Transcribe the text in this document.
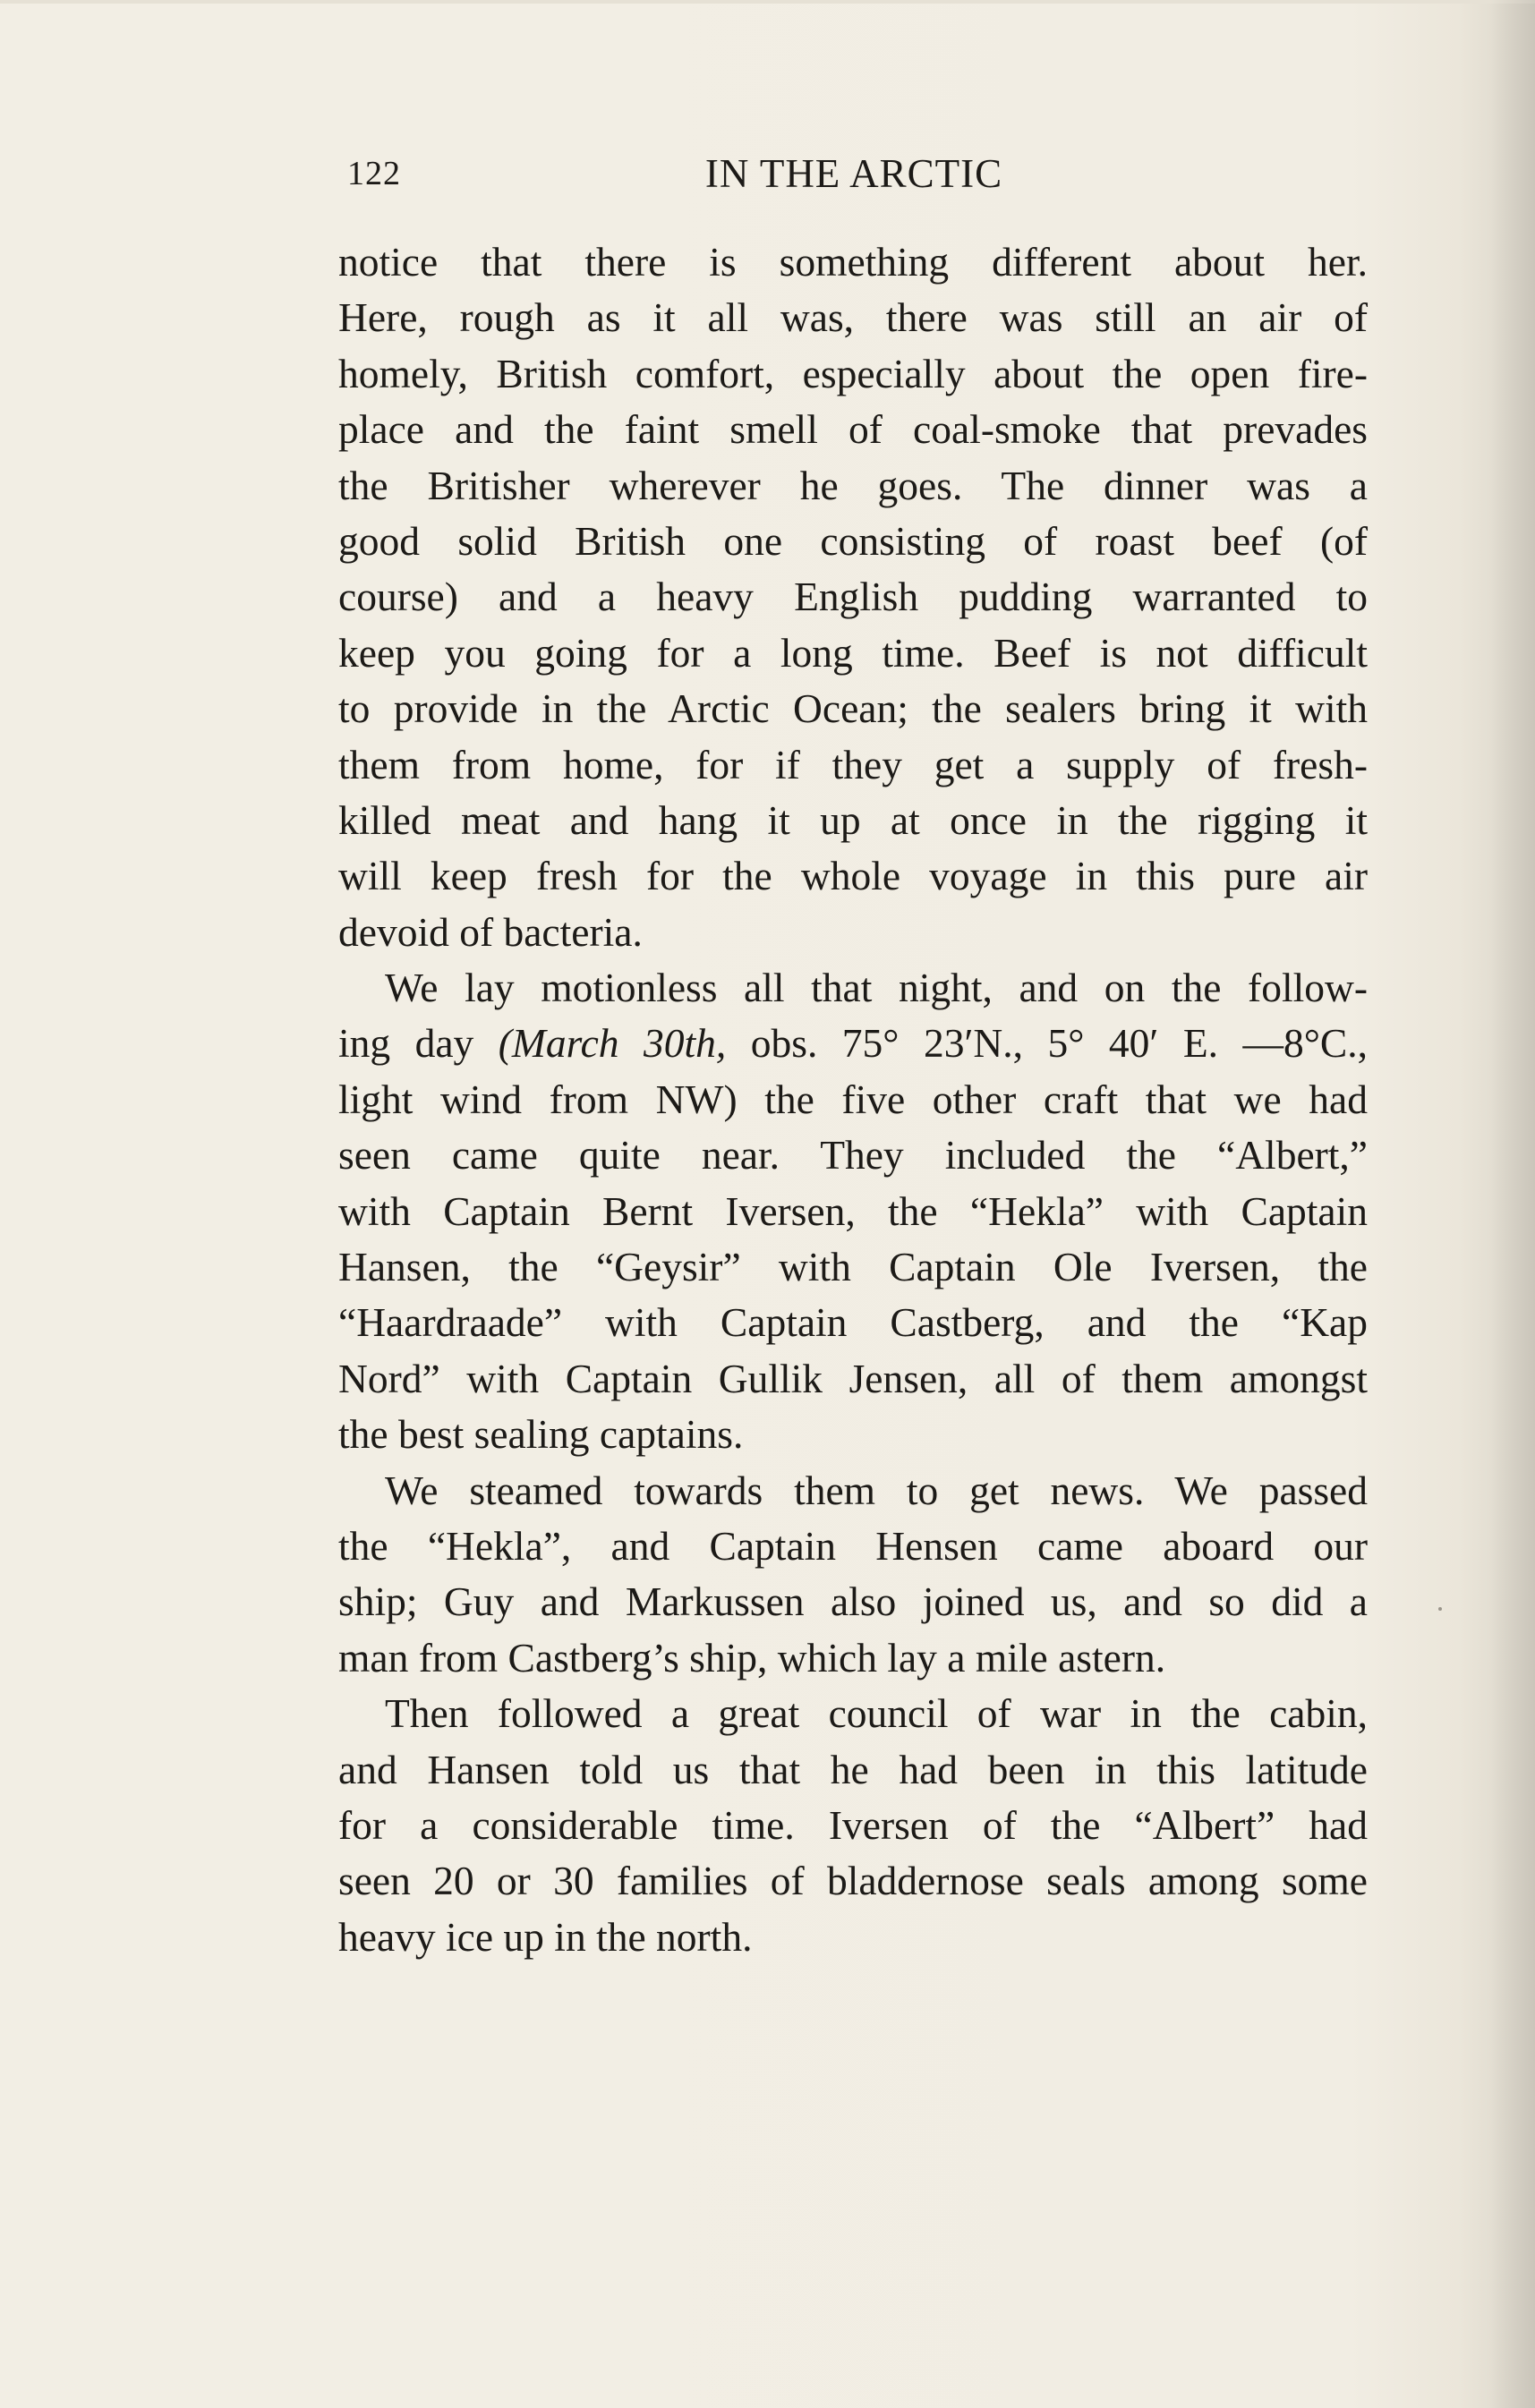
122	IN THE ARCTIC
notice that there is something different about her.
Here, rough as it all was, there was still an air of
homely, British comfort, especially about the open fire-
place and the faint smell of coal-smoke that prevades
the Britisher wherever he goes. The dinner was a
good solid British one consisting of roast beef (of
course) and a heavy English pudding warranted to
keep you going for a long time. Beef is not difficult
to provide in the Arctic Ocean; the sealers bring it with
them from home, for if they get a supply of fresh-
killed meat and hang it up at once in the rigging it
will keep fresh for the whole voyage in this pure air
devoid of bacteria.
We lay motionless all that night, and on the follow-
ing day (March 30th, obs. 75° 23′N., 5° 40′ E. —8°C.,
light wind from NW) the five other craft that we had
seen came quite near. They included the “Albert,”
with Captain Bernt Iversen, the “Hekla” with Captain
Hansen, the “Geysir” with Captain Ole Iversen, the
“Haardraade” with Captain Castberg, and the “Kap
Nord” with Captain Gullik Jensen, all of them amongst
the best sealing captains.
We steamed towards them to get news. We passed
the “Hekla”, and Captain Hensen came aboard our
ship; Guy and Markussen also joined us, and so did a
man from Castberg’s ship, which lay a mile astern.
Then followed a great council of war in the cabin,
and Hansen told us that he had been in this latitude
for a considerable time. Iversen of the “Albert” had
seen 20 or 30 families of bladdernose seals among some
heavy ice up in the north.
